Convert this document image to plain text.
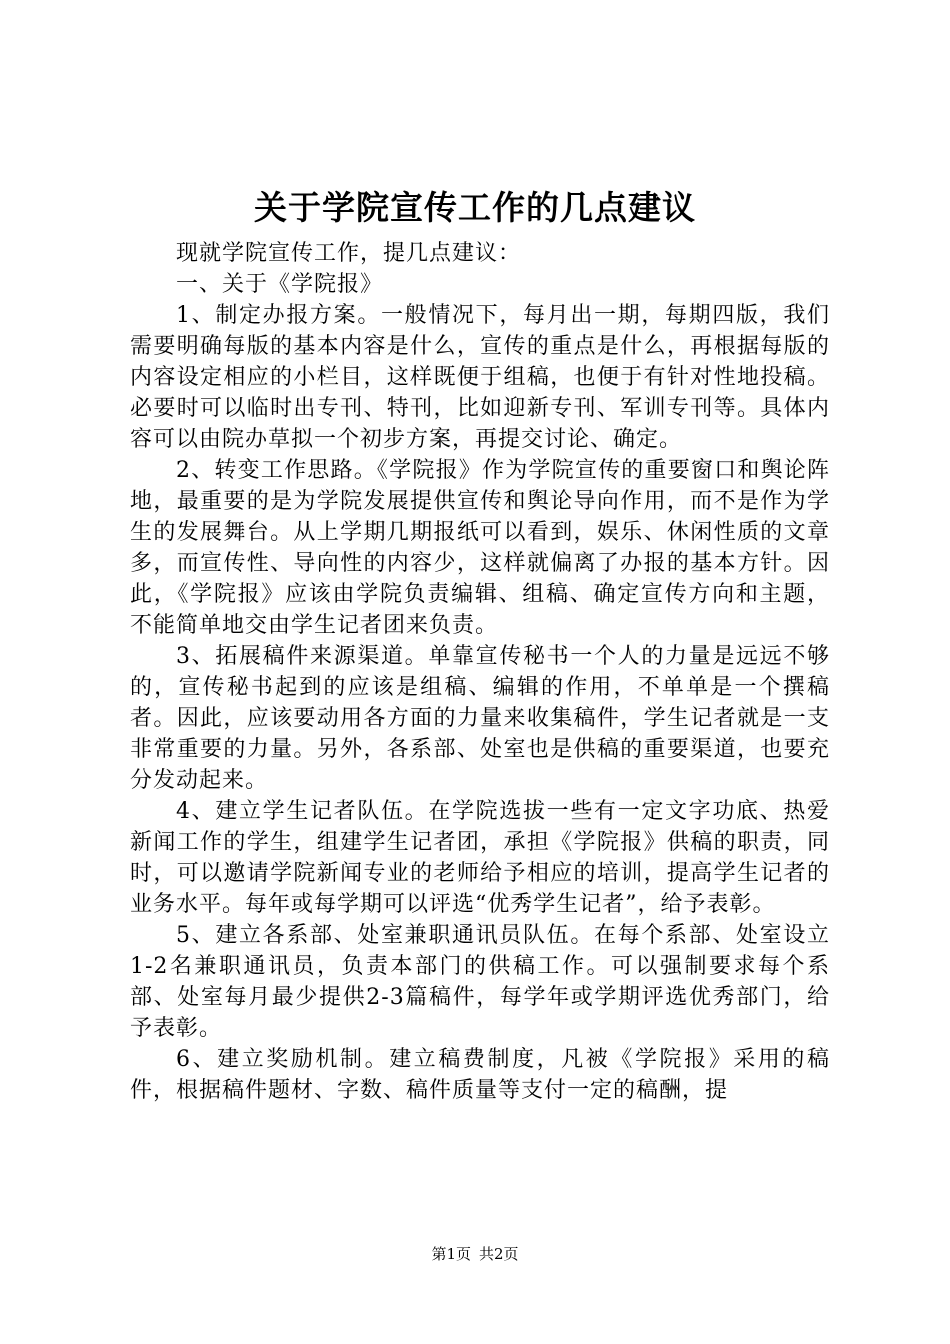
关于学院宣传工作的几点建议

现就学院宣传工作，提几点建议：

一、关于《学院报》

1、制定办报方案。一般情况下，每月出一期，每期四版，我们需要明确每版的基本内容是什么，宣传的重点是什么，再根据每版的内容设定相应的小栏目，这样既便于组稿，也便于有针对性地投稿。必要时可以临时出专刊、特刊，比如迎新专刊、军训专刊等。具体内容可以由院办草拟一个初步方案，再提交讨论、确定。

2、转变工作思路。《学院报》作为学院宣传的重要窗口和舆论阵地，最重要的是为学院发展提供宣传和舆论导向作用，而不是作为学生的发展舞台。从上学期几期报纸可以看到，娱乐、休闲性质的文章多，而宣传性、导向性的内容少，这样就偏离了办报的基本方针。因此，《学院报》应该由学院负责编辑、组稿、确定宣传方向和主题，不能简单地交由学生记者团来负责。

3、拓展稿件来源渠道。单靠宣传秘书一个人的力量是远远不够的，宣传秘书起到的应该是组稿、编辑的作用，不单单是一个撰稿者。因此，应该要动用各方面的力量来收集稿件，学生记者就是一支非常重要的力量。另外，各系部、处室也是供稿的重要渠道，也要充分发动起来。

4、建立学生记者队伍。在学院选拔一些有一定文字功底、热爱新闻工作的学生，组建学生记者团，承担《学院报》供稿的职责，同时，可以邀请学院新闻专业的老师给予相应的培训，提高学生记者的业务水平。每年或每学期可以评选“优秀学生记者”，给予表彰。

5、建立各系部、处室兼职通讯员队伍。在每个系部、处室设立1-2名兼职通讯员，负责本部门的供稿工作。可以强制要求每个系部、处室每月最少提供2-3篇稿件，每学年或学期评选优秀部门，给予表彰。

6、建立奖励机制。建立稿费制度，凡被《学院报》采用的稿件，根据稿件题材、字数、稿件质量等支付一定的稿酬，提

第1页 共2页
